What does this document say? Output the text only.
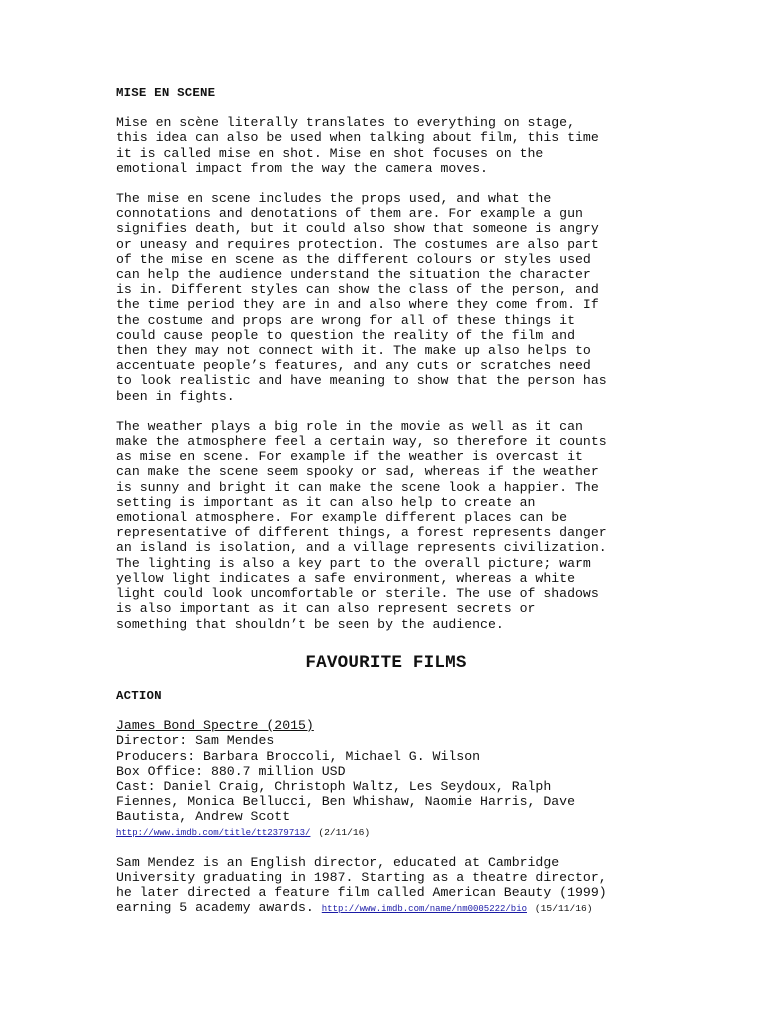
MISE EN SCENE
Mise en scène literally translates to everything on stage,
this idea can also be used when talking about film, this time
it is called mise en shot. Mise en shot focuses on the
emotional impact from the way the camera moves.
The mise en scene includes the props used, and what the
connotations and denotations of them are. For example a gun
signifies death, but it could also show that someone is angry
or uneasy and requires protection. The costumes are also part
of the mise en scene as the different colours or styles used
can help the audience understand the situation the character
is in. Different styles can show the class of the person, and
the time period they are in and also where they come from. If
the costume and props are wrong for all of these things it
could cause people to question the reality of the film and
then they may not connect with it. The make up also helps to
accentuate people’s features, and any cuts or scratches need
to look realistic and have meaning to show that the person has
been in fights.
The weather plays a big role in the movie as well as it can
make the atmosphere feel a certain way, so therefore it counts
as mise en scene. For example if the weather is overcast it
can make the scene seem spooky or sad, whereas if the weather
is sunny and bright it can make the scene look a happier. The
setting is important as it can also help to create an
emotional atmosphere. For example different places can be
representative of different things, a forest represents danger
an island is isolation, and a village represents civilization.
The lighting is also a key part to the overall picture; warm
yellow light indicates a safe environment, whereas a white
light could look uncomfortable or sterile. The use of shadows
is also important as it can also represent secrets or
something that shouldn’t be seen by the audience.
FAVOURITE FILMS
ACTION
James Bond Spectre (2015)
Director: Sam Mendes
Producers: Barbara Broccoli, Michael G. Wilson
Box Office: 880.7 million USD
Cast: Daniel Craig, Christoph Waltz, Les Seydoux, Ralph
Fiennes, Monica Bellucci, Ben Whishaw, Naomie Harris, Dave
Bautista, Andrew Scott
http://www.imdb.com/title/tt2379713/ (2/11/16)
Sam Mendez is an English director, educated at Cambridge
University graduating in 1987. Starting as a theatre director,
he later directed a feature film called American Beauty (1999)
earning 5 academy awards. http://www.imdb.com/name/nm0005222/bio (15/11/16)
